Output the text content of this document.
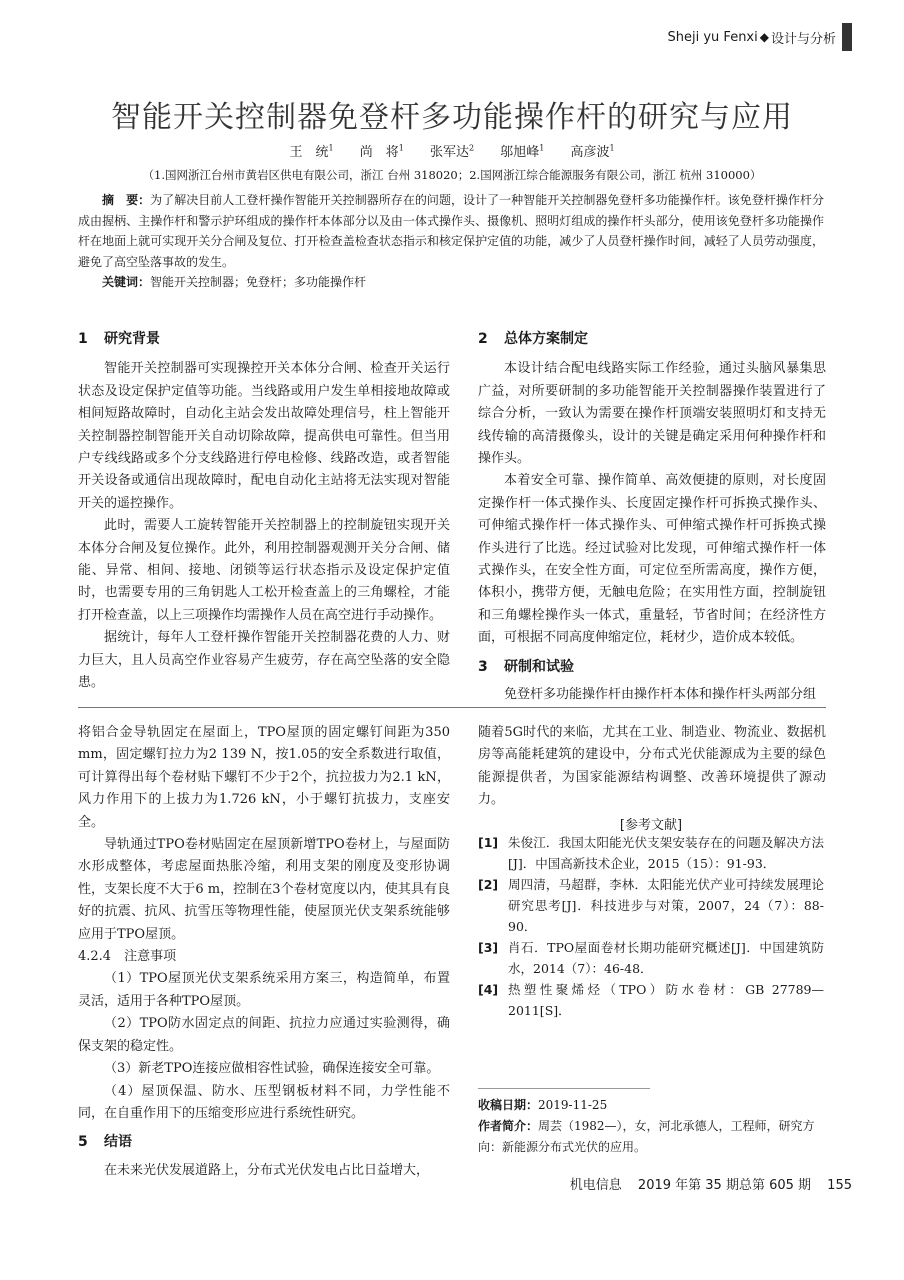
Sheji yu Fenxi ◆ 设计与分析
智能开关控制器免登杆多功能操作杆的研究与应用
王　统$^1$ 尚　将$^1$ 张军达$^2$ 邬旭峰$^1$ 高彦波$^1$
（1.国网浙江台州市黄岩区供电有限公司，浙江 台州 318020；2.国网浙江综合能源服务有限公司，浙江 杭州 310000）
摘　要：为了解决目前人工登杆操作智能开关控制器所存在的问题，设计了一种智能开关控制器免登杆多功能操作杆。该免登杆操作杆分成由握柄、主操作杆和警示护环组成的操作杆本体部分以及由一体式操作头、摄像机、照明灯组成的操作杆头部分，使用该免登杆多功能操作杆在地面上就可实现开关分合闸及复位、打开检查盖检查状态指示和核定保护定值的功能，减少了人员登杆操作时间，减轻了人员劳动强度，避免了高空坠落事故的发生。
关键词：智能开关控制器；免登杆；多功能操作杆

1 研究背景

智能开关控制器可实现操控开关本体分合闸、检查开关运行状态及设定保护定值等功能。当线路或用户发生单相接地故障或相间短路故障时，自动化主站会发出故障处理信号，柱上智能开关控制器控制智能开关自动切除故障，提高供电可靠性。但当用户专线线路或多个分支线路进行停电检修、线路改造，或者智能开关设备或通信出现故障时，配电自动化主站将无法实现对智能开关的遥控操作。

此时，需要人工旋转智能开关控制器上的控制旋钮实现开关本体分合闸及复位操作。此外，利用控制器观测开关分合闸、储能、异常、相间、接地、闭锁等运行状态指示及设定保护定值时，也需要专用的三角钥匙人工松开检查盖上的三角螺栓，才能打开检查盖，以上三项操作均需操作人员在高空进行手动操作。

据统计，每年人工登杆操作智能开关控制器花费的人力、财力巨大，且人员高空作业容易产生疲劳，存在高空坠落的安全隐患。

2 总体方案制定

本设计结合配电线路实际工作经验，通过头脑风暴集思广益，对所要研制的多功能智能开关控制器操作装置进行了综合分析，一致认为需要在操作杆顶端安装照明灯和支持无线传输的高清摄像头，设计的关键是确定采用何种操作杆和操作头。

本着安全可靠、操作简单、高效便捷的原则，对长度固定操作杆一体式操作头、长度固定操作杆可拆换式操作头、可伸缩式操作杆一体式操作头、可伸缩式操作杆可拆换式操作头进行了比选。经过试验对比发现，可伸缩式操作杆一体式操作头，在安全性方面，可定位至所需高度，操作方便，体积小，携带方便，无触电危险；在实用性方面，控制旋钮和三角螺栓操作头一体式，重量轻，节省时间；在经济性方面，可根据不同高度伸缩定位，耗材少，造价成本较低。

3 研制和试验

免登杆多功能操作杆由操作杆本体和操作杆头两部分组

将铝合金导轨固定在屋面上，TPO屋顶的固定螺钉间距为350 mm，固定螺钉拉力为2 139 N，按1.05的安全系数进行取值，可计算得出每个卷材贴下螺钉不少于2个，抗拉拔力为2.1 kN，风力作用下的上拔力为1.726 kN，小于螺钉抗拔力，支座安全。

导轨通过TPO卷材贴固定在屋顶新增TPO卷材上，与屋面防水形成整体，考虑屋面热胀冷缩，利用支架的刚度及变形协调性，支架长度不大于6 m，控制在3个卷材宽度以内，使其具有良好的抗震、抗风、抗雪压等物理性能，使屋顶光伏支架系统能够应用于TPO屋顶。

4.2.4　注意事项

（1）TPO屋顶光伏支架系统采用方案三，构造简单，布置灵活，适用于各种TPO屋顶。

（2）TPO防水固定点的间距、抗拉力应通过实验测得，确保支架的稳定性。

（3）新老TPO连接应做相容性试验，确保连接安全可靠。

（4）屋顶保温、防水、压型钢板材料不同，力学性能不同，在自重作用下的压缩变形应进行系统性研究。

5 结语

在未来光伏发展道路上，分布式光伏发电占比日益增大，

随着5G时代的来临，尤其在工业、制造业、物流业、数据机房等高能耗建筑的建设中，分布式光伏能源成为主要的绿色能源提供者，为国家能源结构调整、改善环境提供了源动力。

[参考文献]
[1] 朱俊江．我国太阳能光伏支架安装存在的问题及解决方法[J]．中国高新技术企业，2015（15）：91-93．
[2] 周四清，马超群，李林．太阳能光伏产业可持续发展理论研究思考[J]．科技进步与对策，2007，24（7）：88-90．
[3] 肖石．TPO屋面卷材长期功能研究概述[J]．中国建筑防水，2014（7）：46-48．
[4] 热塑性聚烯烃（TPO）防水卷材：GB 27789—2011[S]．
收稿日期：2019-11-25
作者简介：周芸（1982—），女，河北承德人，工程师，研究方向：新能源分布式光伏的应用。
机电信息 2019 年第 35 期总第 605 期 155
